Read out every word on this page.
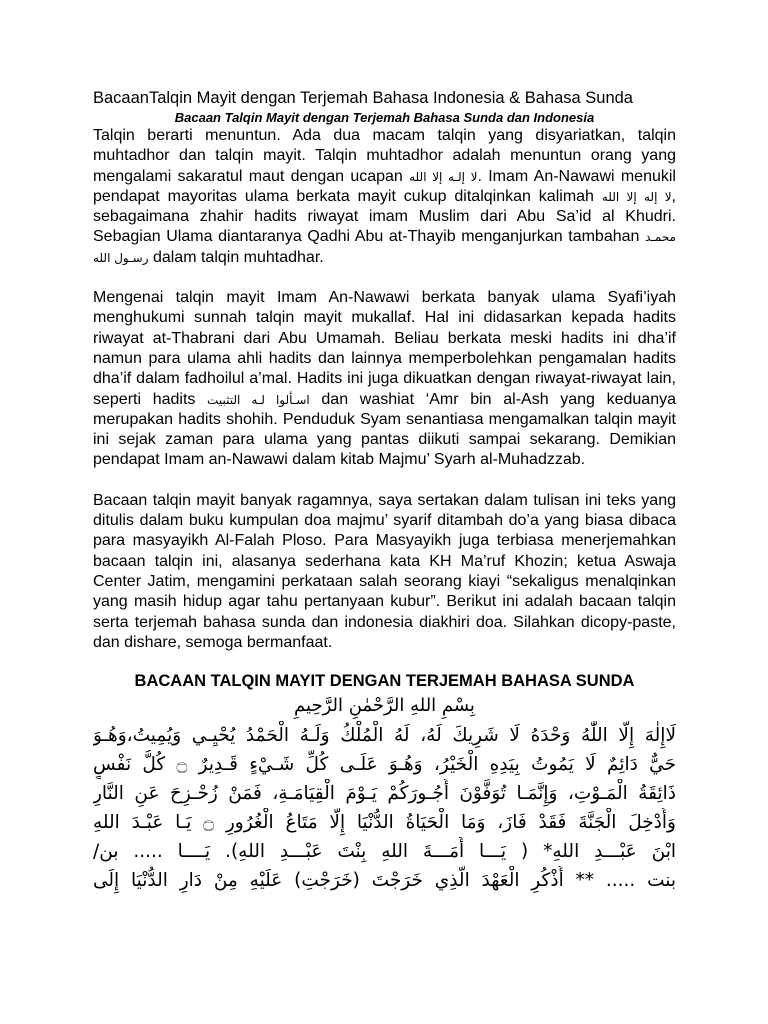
BacaanTalqin Mayit dengan Terjemah Bahasa Indonesia & Bahasa Sunda
Bacaan Talqin Mayit dengan Terjemah Bahasa Sunda dan Indonesia

Talqin berarti menuntun. Ada dua macam talqin yang disyariatkan, talqin muhtadhor dan talqin mayit. Talqin muhtadhor adalah menuntun orang yang mengalami sakaratul maut dengan ucapan لا إلـه إلا الله. Imam An-Nawawi menukil pendapat mayoritas ulama berkata mayit cukup ditalqinkan kalimah لا إله إلا الله, sebagaimana zhahir hadits riwayat imam Muslim dari Abu Sa’id al Khudri. Sebagian Ulama diantaranya Qadhi Abu at-Thayib menganjurkan tambahan محمـد رسـول الله dalam talqin muhtadhar.

Mengenai talqin mayit Imam An-Nawawi berkata banyak ulama Syafi’iyah menghukumi sunnah talqin mayit mukallaf. Hal ini didasarkan kepada hadits riwayat at-Thabrani dari Abu Umamah. Beliau berkata meski hadits ini dha’if namun para ulama ahli hadits dan lainnya memperbolehkan pengamalan hadits dha’if dalam fadhoilul a’mal. Hadits ini juga dikuatkan dengan riwayat-riwayat lain, seperti hadits اسـألوا لـه التثبيت dan washiat ‘Amr bin al-Ash yang keduanya merupakan hadits shohih. Penduduk Syam senantiasa mengamalkan talqin mayit ini sejak zaman para ulama yang pantas diikuti sampai sekarang. Demikian pendapat Imam an-Nawawi dalam kitab Majmu’ Syarh al-Muhadzzab.

Bacaan talqin mayit banyak ragamnya, saya sertakan dalam tulisan ini teks yang ditulis dalam buku kumpulan doa majmu’ syarif ditambah do’a yang biasa dibaca para masyayikh Al-Falah Ploso. Para Masyayikh juga terbiasa menerjemahkan bacaan talqin ini, alasanya sederhana kata KH Ma’ruf Khozin; ketua Aswaja Center Jatim, mengamini perkataan salah seorang kiayi “sekaligus menalqinkan yang masih hidup agar tahu pertanyaan kubur”. Berikut ini adalah bacaan talqin serta terjemah bahasa sunda dan indonesia diakhiri doa. Silahkan dicopy-paste, dan dishare, semoga bermanfaat.

BACAAN TALQIN MAYIT DENGAN TERJEMAH BAHASA SUNDA
بِسْمِ اللهِ الرَّحْمٰنِ الرَّحِيمِ
لَاإِلٰهَ إِلَّا اللّٰهُ وَحْدَهُ لَا شَرِيكَ لَهُ، لَهُ الْمُلْكُ وَلَـهُ الْحَمْدُ يُحْيِـي وَيُمِيتُ،وَهُـوَ
حَيٌّ دَائِمٌ لَا يَمُوتُ بِيَدِهِ الْخَيْرُ، وَهُـوَ عَلَـى كُلِّ شَـيْءٍ قَـدِيرٌ ۝ كُلُّ نَفْسٍ
ذَائِقَةُ الْمَـوْتِ، وَإِنَّمَـا تُوَفَّوْنَ أُجُـورَكُمْ يَـوْمَ الْقِيَامَـةِ، فَمَنْ زُحْـزِحَ عَنِ النَّارِ
وَأُدْخِلَ الْجَنَّةَ فَقَدْ فَازَ، وَمَا الْحَيَاةُ الدُّنْيَا إِلَّا مَتَاعُ الْغُرُورِ ۝ يَـا عَبْـدَ اللهِ
ابْنَ عَبْـــدِ اللهِ* ( يَـــا أَمَـــةَ اللهِ بِنْتَ عَبْـــدِ اللهِ). يَــــا ..... بن/
بنت ..... ** أُذْكُرِ الْعَهْدَ الَّذِي خَرَجْتَ (خَرَجْتِ) عَلَيْهِ مِنْ دَارِ الدُّنْيَا إِلَى
